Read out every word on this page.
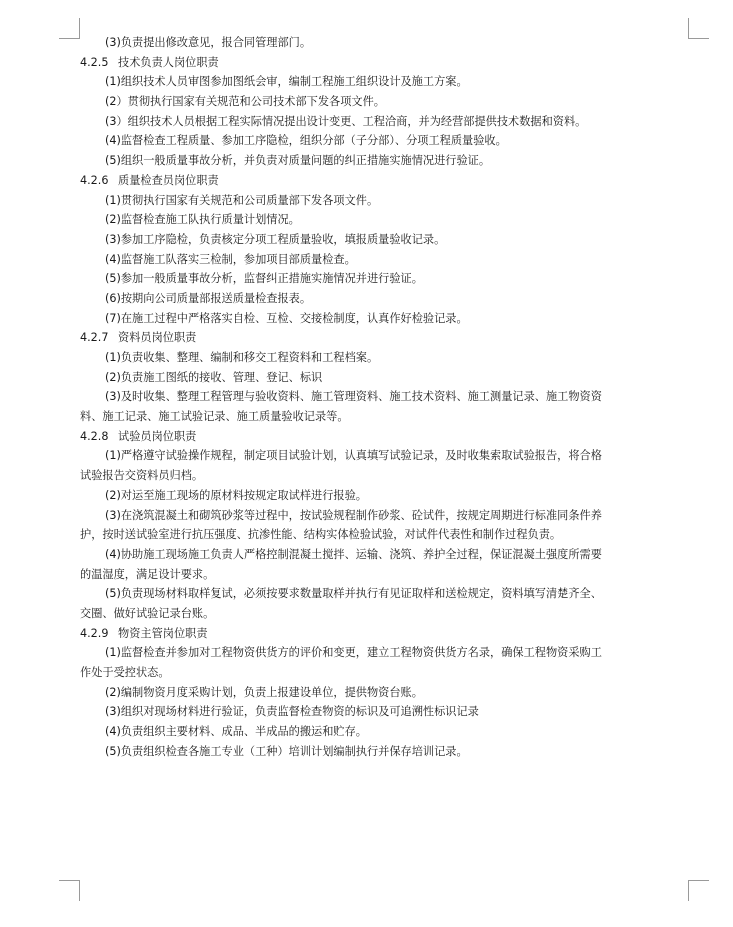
(3)负责提出修改意见，报合同管理部门。
4.2.5 技术负责人岗位职责
(1)组织技术人员审图参加图纸会审，编制工程施工组织设计及施工方案。
(2）贯彻执行国家有关规范和公司技术部下发各项文件。
(3）组织技术人员根据工程实际情况提出设计变更、工程洽商，并为经营部提供技术数据和资料。
(4)监督检查工程质量、参加工序隐检，组织分部（子分部）、分项工程质量验收。
(5)组织一般质量事故分析，并负责对质量问题的纠正措施实施情况进行验证。
4.2.6 质量检查员岗位职责
(1)贯彻执行国家有关规范和公司质量部下发各项文件。
(2)监督检查施工队执行质量计划情况。
(3)参加工序隐检，负责核定分项工程质量验收，填报质量验收记录。
(4)监督施工队落实三检制，参加项目部质量检查。
(5)参加一般质量事故分析，监督纠正措施实施情况并进行验证。
(6)按期向公司质量部报送质量检查报表。
(7)在施工过程中严格落实自检、互检、交接检制度，认真作好检验记录。
4.2.7 资料员岗位职责
(1)负责收集、整理、编制和移交工程资料和工程档案。
(2)负责施工图纸的接收、管理、登记、标识
(3)及时收集、整理工程管理与验收资料、施工管理资料、施工技术资料、施工测量记录、施工物资资
料、施工记录、施工试验记录、施工质量验收记录等。
4.2.8 试验员岗位职责
(1)严格遵守试验操作规程，制定项目试验计划，认真填写试验记录，及时收集索取试验报告，将合格
试验报告交资料员归档。
(2)对运至施工现场的原材料按规定取试样进行报验。
(3)在浇筑混凝土和砌筑砂浆等过程中，按试验规程制作砂浆、砼试件，按规定周期进行标准同条件养
护，按时送试验室进行抗压强度、抗渗性能、结构实体检验试验，对试件代表性和制作过程负责。
(4)协助施工现场施工负责人严格控制混凝土搅拌、运输、浇筑、养护全过程，保证混凝土强度所需要
的温湿度，满足设计要求。
(5)负责现场材料取样复试，必须按要求数量取样并执行有见证取样和送检规定，资料填写清楚齐全、
交圈、做好试验记录台账。
4.2.9 物资主管岗位职责
(1)监督检查并参加对工程物资供货方的评价和变更，建立工程物资供货方名录，确保工程物资采购工
作处于受控状态。
(2)编制物资月度采购计划，负责上报建设单位，提供物资台账。
(3)组织对现场材料进行验证，负责监督检查物资的标识及可追溯性标识记录
(4)负责组织主要材料、成品、半成品的搬运和贮存。
(5)负责组织检查各施工专业（工种）培训计划编制执行并保存培训记录。
